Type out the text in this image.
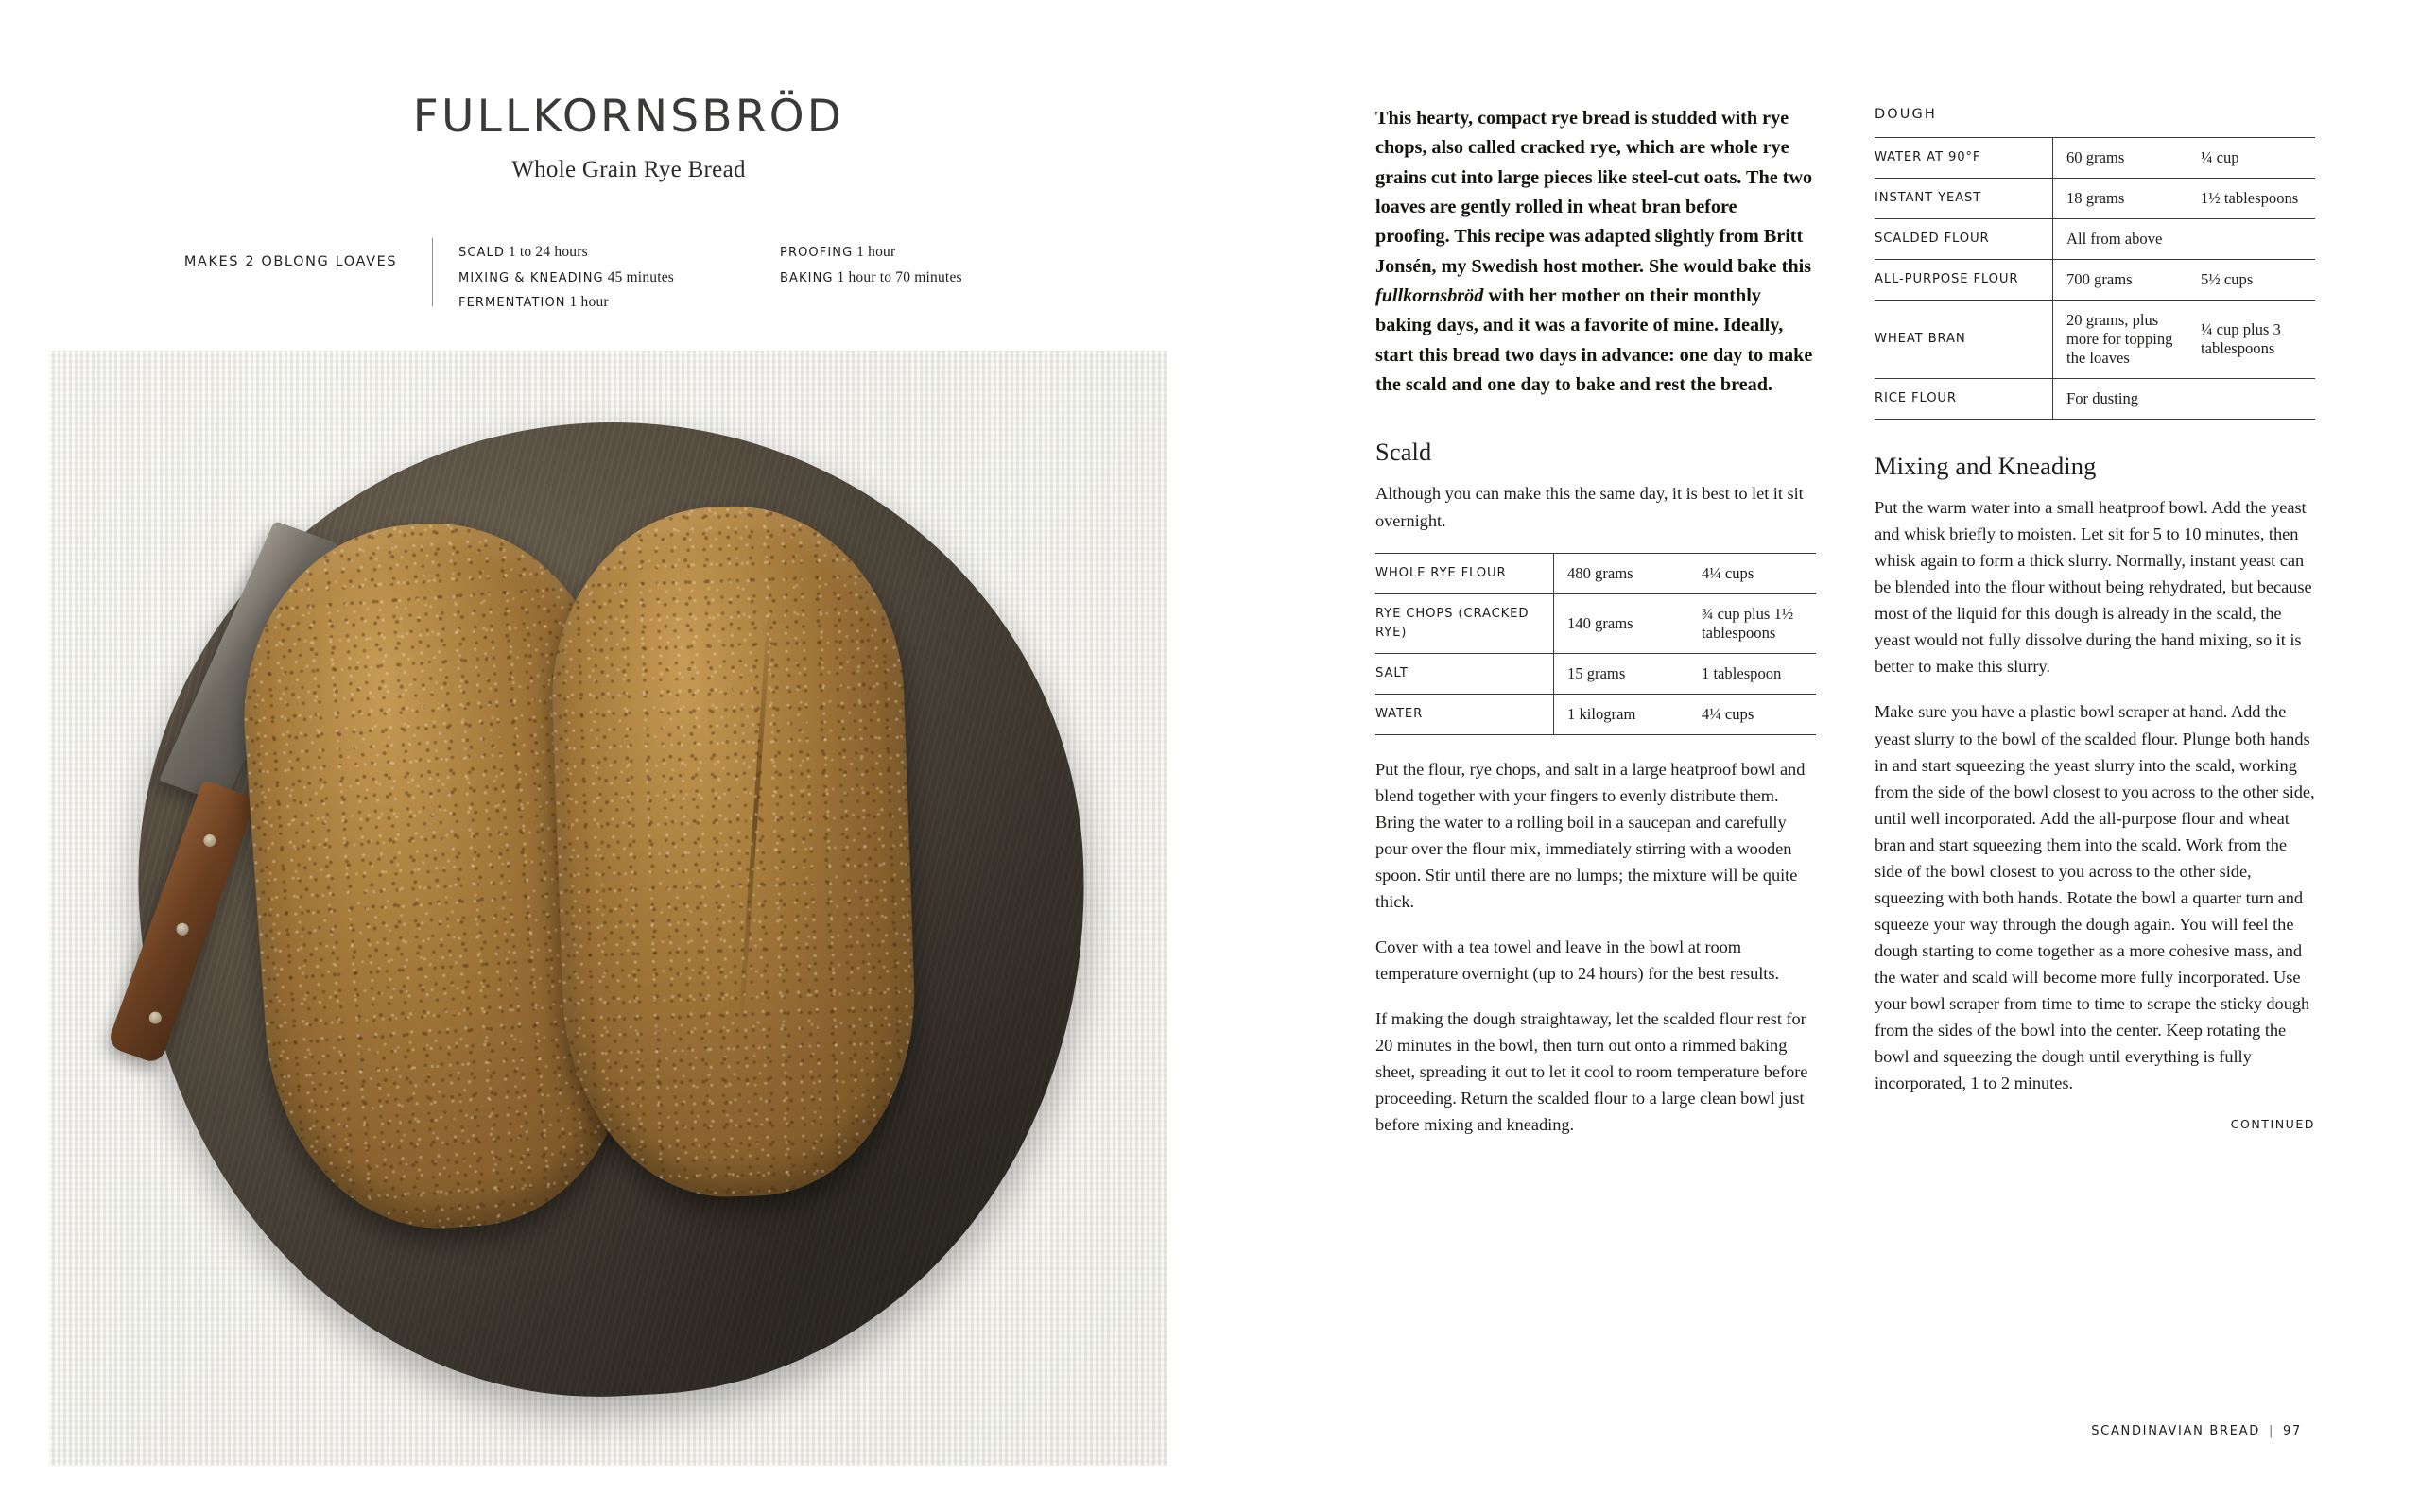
FULLKORNSBRÖD
Whole Grain Rye Bread
MAKES 2 OBLONG LOAVES
SCALD 1 to 24 hours
MIXING & KNEADING 45 minutes
FERMENTATION 1 hour
PROOFING 1 hour
BAKING 1 hour to 70 minutes

This hearty, compact rye bread is studded with rye chops, also called cracked rye, which are whole rye grains cut into large pieces like steel-cut oats. The two loaves are gently rolled in wheat bran before proofing. This recipe was adapted slightly from Britt Jonsén, my Swedish host mother. She would bake this fullkornsbröd with her mother on their monthly baking days, and it was a favorite of mine. Ideally, start this bread two days in advance: one day to make the scald and one day to bake and rest the bread.

Scald

Although you can make this the same day, it is best to let it sit overnight.

WHOLE RYE FLOUR	480 grams	4¼ cups
RYE CHOPS (CRACKED RYE)	140 grams	¾ cup plus 1½ tablespoons
SALT	15 grams	1 tablespoon
WATER	1 kilogram	4¼ cups

Put the flour, rye chops, and salt in a large heatproof bowl and blend together with your fingers to evenly distribute them. Bring the water to a rolling boil in a saucepan and carefully pour over the flour mix, immediately stirring with a wooden spoon. Stir until there are no lumps; the mixture will be quite thick.

Cover with a tea towel and leave in the bowl at room temperature overnight (up to 24 hours) for the best results.

If making the dough straightaway, let the scalded flour rest for 20 minutes in the bowl, then turn out onto a rimmed baking sheet, spreading it out to let it cool to room temperature before proceeding. Return the scalded flour to a large clean bowl just before mixing and kneading.

DOUGH
WATER AT 90°F	60 grams	¼ cup
INSTANT YEAST	18 grams	1½ tablespoons
SCALDED FLOUR	All from above	
ALL-PURPOSE FLOUR	700 grams	5½ cups
WHEAT BRAN	20 grams, plus more for topping the loaves	¼ cup plus 3 tablespoons
RICE FLOUR	For dusting	
Mixing and Kneading

Put the warm water into a small heatproof bowl. Add the yeast and whisk briefly to moisten. Let sit for 5 to 10 minutes, then whisk again to form a thick slurry. Normally, instant yeast can be blended into the flour without being rehydrated, but because most of the liquid for this dough is already in the scald, the yeast would not fully dissolve during the hand mixing, so it is better to make this slurry.

Make sure you have a plastic bowl scraper at hand. Add the yeast slurry to the bowl of the scalded flour. Plunge both hands in and start squeezing the yeast slurry into the scald, working from the side of the bowl closest to you across to the other side, until well incorporated. Add the all-purpose flour and wheat bran and start squeezing them into the scald. Work from the side of the bowl closest to you across to the other side, squeezing with both hands. Rotate the bowl a quarter turn and squeeze your way through the dough again. You will feel the dough starting to come together as a more cohesive mass, and the water and scald will become more fully incorporated. Use your bowl scraper from time to time to scrape the sticky dough from the sides of the bowl into the center. Keep rotating the bowl and squeezing the dough until everything is fully incorporated, 1 to 2 minutes.

CONTINUED
SCANDINAVIAN BREAD | 97
